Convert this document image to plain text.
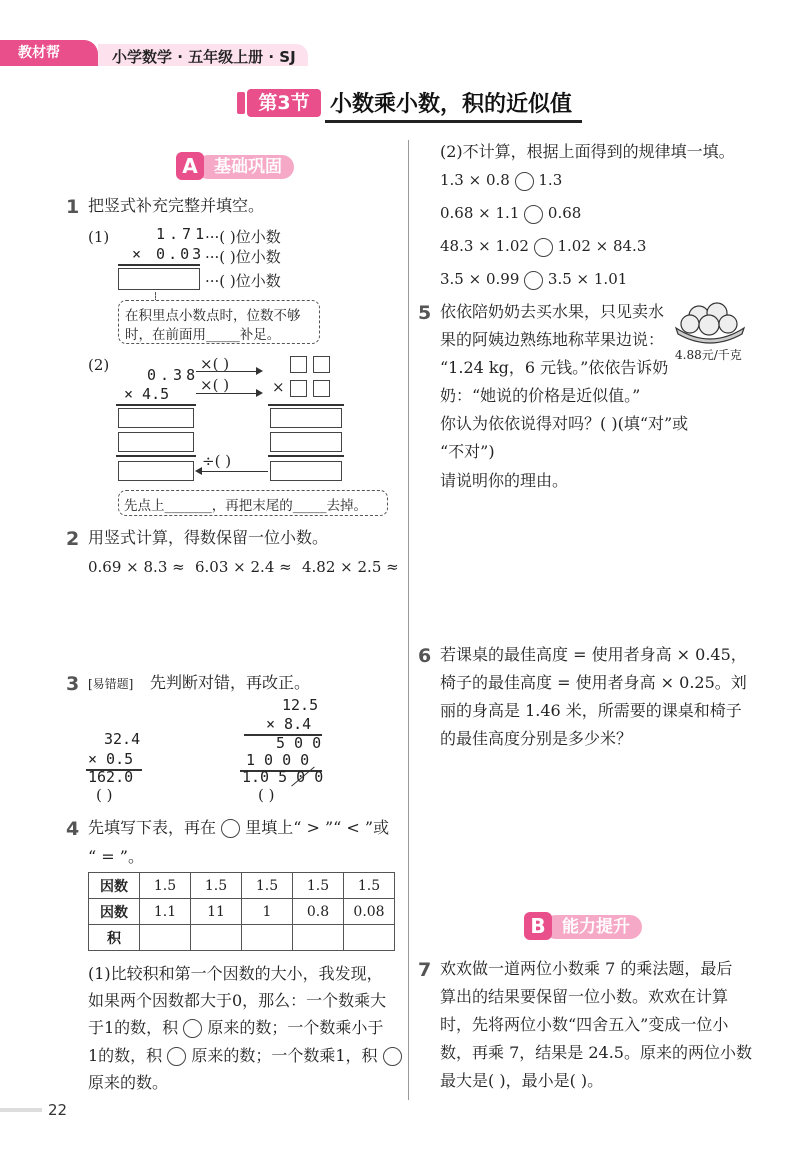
教材帮	小学数学 · 五年级上册 · SJ
第3节 小数乘小数，积的近似值
基础巩固
A
1 把竖式补充完整并填空。
(1)	1.71
× 0.03
···( )位小数
···( )位小数
···( )位小数
在积里点小数点时，位数不够
时，在前面用_____补足。
(2)
0.38
× 4.5
×( )
×( )	×
÷( )
先点上_______，再把末尾的_____去掉。
2 用竖式计算，得数保留一位小数。
0.69 × 8.3 ≈ 6.03 × 2.4 ≈ 4.82 × 2.5 ≈
3 [易错题] 先判断对错，再改正。
32.4
× 0.5
162.0
( )
12.5
× 8.4
5 0 0
1 0 0 0
1.0 5 0 0
( )
4 先填写下表，再在 里填上“ > ”“ < ”或
“ = ”。
因数	1.5	1.5	1.5	1.5	1.5
因数	1.1	11	1	0.8	0.08
积					
(1)比较积和第一个因数的大小，我发现，
如果两个因数都大于0，那么：一个数乘大
于1的数，积 原来的数；一个数乘小于
1的数，积 原来的数；一个数乘1，积
原来的数。
(2)不计算，根据上面得到的规律填一填。
1.3 × 0.8 1.3
0.68 × 1.1 0.68
48.3 × 1.02 1.02 × 84.3
3.5 × 0.99 3.5 × 1.01
5 依依陪奶奶去买水果，只见卖水
果的阿姨边熟练地称苹果边说：
“1.24 kg，6 元钱。”依依告诉奶
奶：“她说的价格是近似值。”
你认为依依说得对吗？( )(填“对”或
“不对”)
请说明你的理由。
4.88元/千克
6 若课桌的最佳高度 = 使用者身高 × 0.45，
椅子的最佳高度 = 使用者身高 × 0.25。刘
丽的身高是 1.46 米，所需要的课桌和椅子
的最佳高度分别是多少米？
能力提升
B
7 欢欢做一道两位小数乘 7 的乘法题，最后
算出的结果要保留一位小数。欢欢在计算
时，先将两位小数“四舍五入”变成一位小
数，再乘 7，结果是 24.5。原来的两位小数
最大是( )，最小是( )。
22
